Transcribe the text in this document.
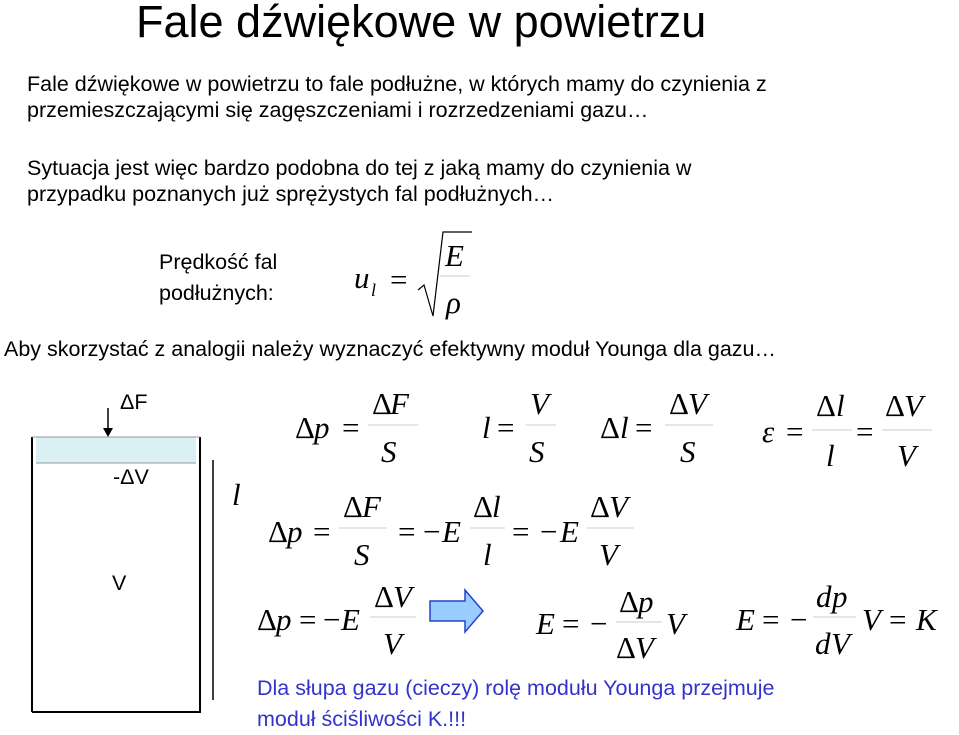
Fale dźwiękowe w powietrzu
Fale dźwiękowe w powietrzu to fale podłużne, w których mamy do czynienia z
przemieszczającymi się zagęszczeniami i rozrzedzeniami gazu…
Sytuacja jest więc bardzo podobna do tej z jaką mamy do czynienia w
przypadku poznanych już sprężystych fal podłużnych…
Prędkość fal
podłużnych:
Aby skorzystać z analogii należy wyznaczyć efektywny moduł Younga dla gazu…
Dla słupa gazu (cieczy) rolę modułu Younga przejmuje
moduł ściśliwości K.!!!
u l =
E
ρ
ΔF
-ΔV
V
l
Δ p =
Δ
F
S
l =
V
S
Δ l =
Δ V
S
ε =
Δ l
l
=
Δ V
V
Δ p =
Δ F
S
= − E
Δ l
l
= − E
Δ V
V
Δ p = − E
Δ V
V
E = −
Δ p
Δ V
V E = −
d p
d V
V = K
